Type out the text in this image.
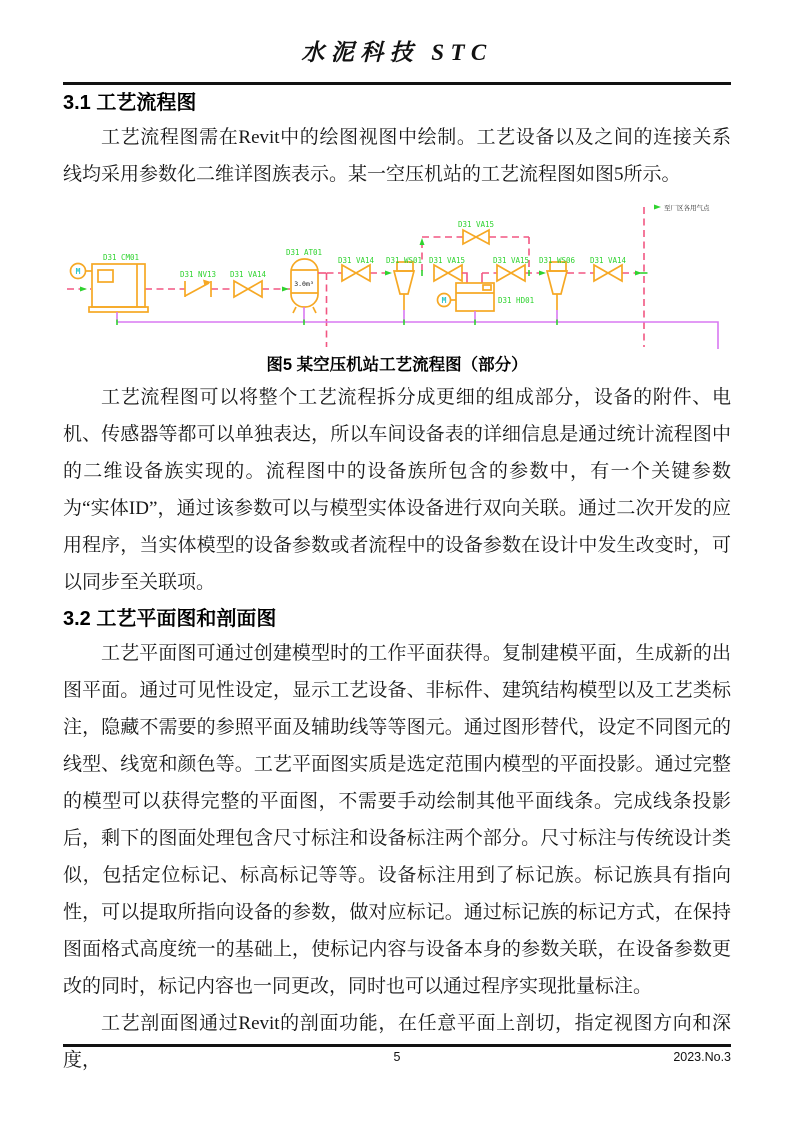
水泥科技 STC
3.1 工艺流程图

工艺流程图需在Revit中的绘图视图中绘制。工艺设备以及之间的连接关系线均采用参数化二维详图族表示。某一空压机站的工艺流程图如图5所示。

M
D31 CM01
D31 NV13 D31 VA14
D31 AT01
3.0m³
D31 VA14 D31 WS01
D31 VA15
D31 VA15
M	D31 HD01
D31 VA15 D31 WS06 D31 VA14
至厂区各用气点
图5 某空压机站工艺流程图（部分）

工艺流程图可以将整个工艺流程拆分成更细的组成部分，设备的附件、电机、传感器等都可以单独表达，所以车间设备表的详细信息是通过统计流程图中的二维设备族实现的。流程图中的设备族所包含的参数中，有一个关键参数为“实体ID”，通过该参数可以与模型实体设备进行双向关联。通过二次开发的应用程序，当实体模型的设备参数或者流程中的设备参数在设计中发生改变时，可以同步至关联项。

3.2 工艺平面图和剖面图

工艺平面图可通过创建模型时的工作平面获得。复制建模平面，生成新的出图平面。通过可见性设定，显示工艺设备、非标件、建筑结构模型以及工艺类标注，隐藏不需要的参照平面及辅助线等等图元。通过图形替代，设定不同图元的线型、线宽和颜色等。工艺平面图实质是选定范围内模型的平面投影。通过完整的模型可以获得完整的平面图，不需要手动绘制其他平面线条。完成线条投影后，剩下的图面处理包含尺寸标注和设备标注两个部分。尺寸标注与传统设计类似，包括定位标记、标高标记等等。设备标注用到了标记族。标记族具有指向性，可以提取所指向设备的参数，做对应标记。通过标记族的标记方式，在保持图面格式高度统一的基础上，使标记内容与设备本身的参数关联，在设备参数更改的同时，标记内容也一同更改，同时也可以通过程序实现批量标注。

工艺剖面图通过Revit的剖面功能，在任意平面上剖切，指定视图方向和深度，	5	2023.No.3
